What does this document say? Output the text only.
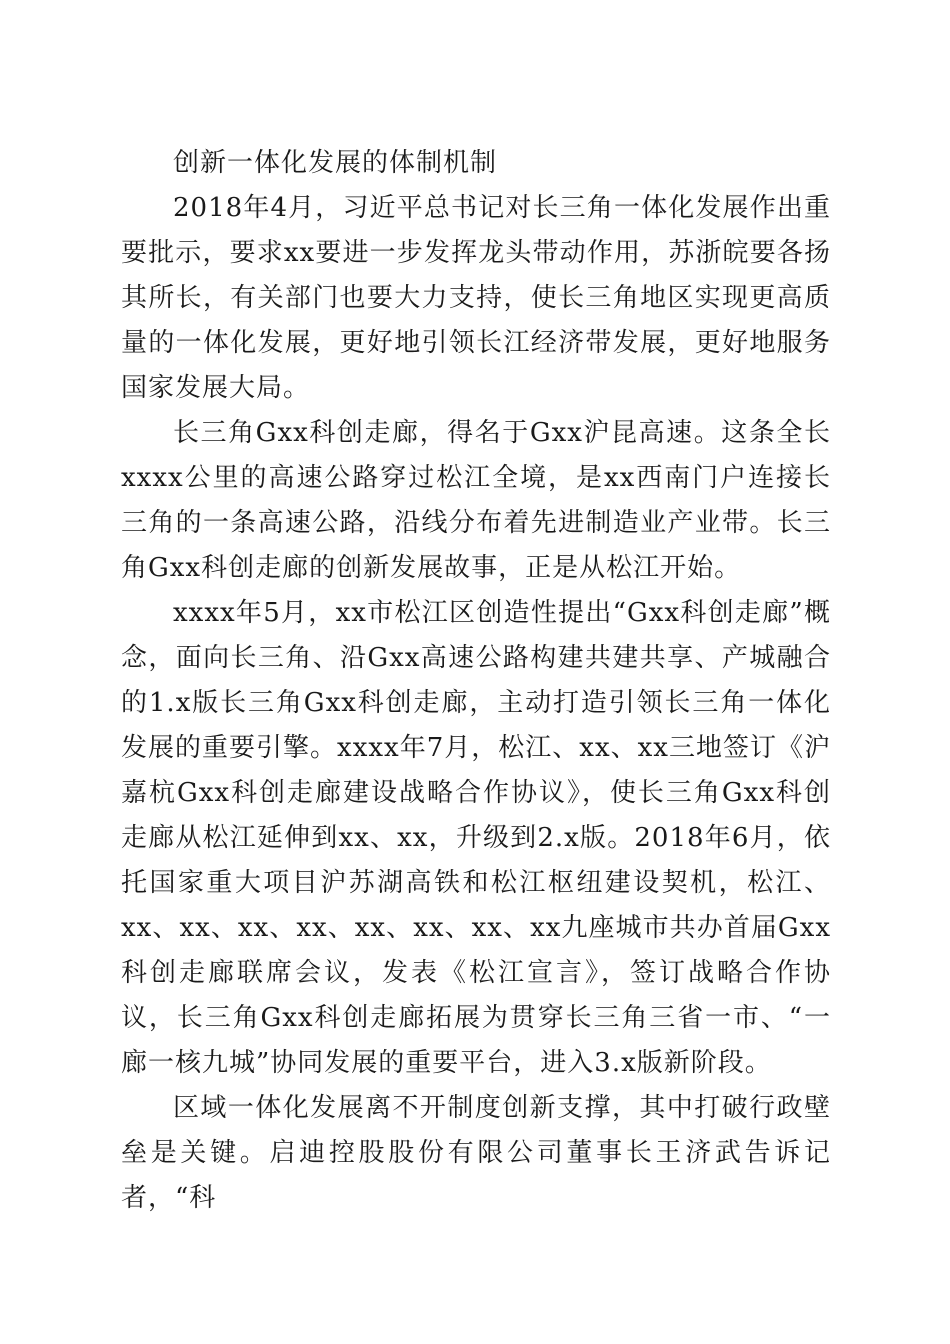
创新一体化发展的体制机制

2018年4月，习近平总书记对长三角一体化发展作出重要批示，要求xx要进一步发挥龙头带动作用，苏浙皖要各扬其所长，有关部门也要大力支持，使长三角地区实现更高质量的一体化发展，更好地引领长江经济带发展，更好地服务国家发展大局。

长三角Gxx科创走廊，得名于Gxx沪昆高速。这条全长xxxx公里的高速公路穿过松江全境，是xx西南门户连接长三角的一条高速公路，沿线分布着先进制造业产业带。长三角Gxx科创走廊的创新发展故事，正是从松江开始。

xxxx年5月，xx市松江区创造性提出“Gxx科创走廊”概念，面向长三角、沿Gxx高速公路构建共建共享、产城融合的1.x版长三角Gxx科创走廊，主动打造引领长三角一体化发展的重要引擎。xxxx年7月，松江、xx、xx三地签订《沪嘉杭Gxx科创走廊建设战略合作协议》，使长三角Gxx科创走廊从松江延伸到xx、xx，升级到2.x版。2018年6月，依托国家重大项目沪苏湖高铁和松江枢纽建设契机，松江、xx、xx、xx、xx、xx、xx、xx、xx九座城市共办首届Gxx科创走廊联席会议，发表《松江宣言》，签订战略合作协议，长三角Gxx科创走廊拓展为贯穿长三角三省一市、“一廊一核九城”协同发展的重要平台，进入3.x版新阶段。

区域一体化发展离不开制度创新支撑，其中打破行政壁垒是关键。启迪控股股份有限公司董事长王济武告诉记者，“科
